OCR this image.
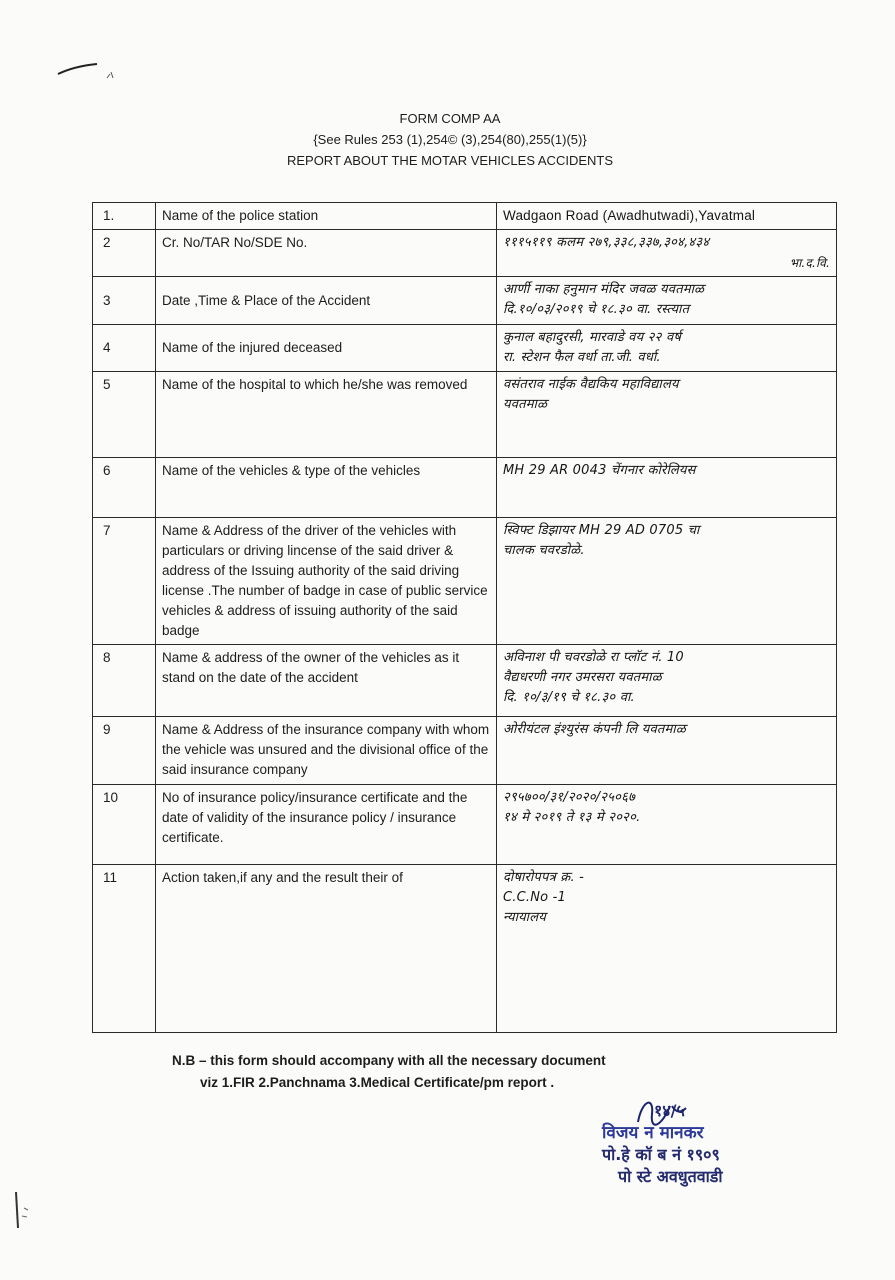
FORM COMP AA
{See Rules 253 (1),254© (3),254(80),255(1)(5)}
REPORT ABOUT THE MOTAR VEHICLES ACCIDENTS
1.	Name of the police station	Wadgaon Road (Awadhutwadi),Yavatmal

2	Cr. No/TAR No/SDE No.	१११५११९ कलम २७९,३३८,३३७,३०४,४३४
भा.द.वि.

3	Date ,Time & Place of the Accident	आर्णी नाका हनुमान मंदिर जवळ यवतमाळ
दि.१०/०३/२०१९ चे १८.३० वा. रस्त्यात

4	Name of the injured deceased	कुनाल बहादुरसी, मारवाडे वय २२ वर्ष
रा. स्टेशन फैल वर्धा ता.जी. वर्धा.

5	Name of the hospital to which he/she was removed	वसंतराव नाईक वैद्यकिय महाविद्यालय
यवतमाळ

6	Name of the vehicles & type of the vehicles	MH 29 AR 0043 चेंगनार कोरेलियस

7	Name & Address of the driver of the vehicles with particulars or driving lincense of the said driver & address of the Issuing authority of the said driving license .The number of badge in case of public service vehicles & address of issuing authority of the said badge	स्विफ्ट डिझायर MH 29 AD 0705 चा
चालक चवरडोळे.

8	Name & address of the owner of the vehicles as it stand on the date of the accident	अविनाश पी चवरडोळे रा प्लॉट नं. 10
वैद्यधरणी नगर उमरसरा यवतमाळ
दि. १०/३/१९ चे १८.३० वा.

9	Name & Address of the insurance company with whom the vehicle was unsured and the divisional office of the said insurance company	ओरीयंटल इंश्युरंस कंपनी लि यवतमाळ

10	No of insurance policy/insurance certificate and the date of validity of the insurance policy / insurance certificate.	२९५७००/३१/२०२०/२५०६७
१४ मे २०१९ ते १३ मे २०२०.

11	Action taken,if any and the result their of	दोषारोपपत्र क्र. -
C.C.No -1
न्यायालय
N.B – this form should accompany with all the necessary document
viz 1.FIR 2.Panchnama 3.Medical Certificate/pm report .
१४/५
विजय न मानकर
पो.हे कॉ ब नं १९०९
पो स्टे अवधुतवाडी
